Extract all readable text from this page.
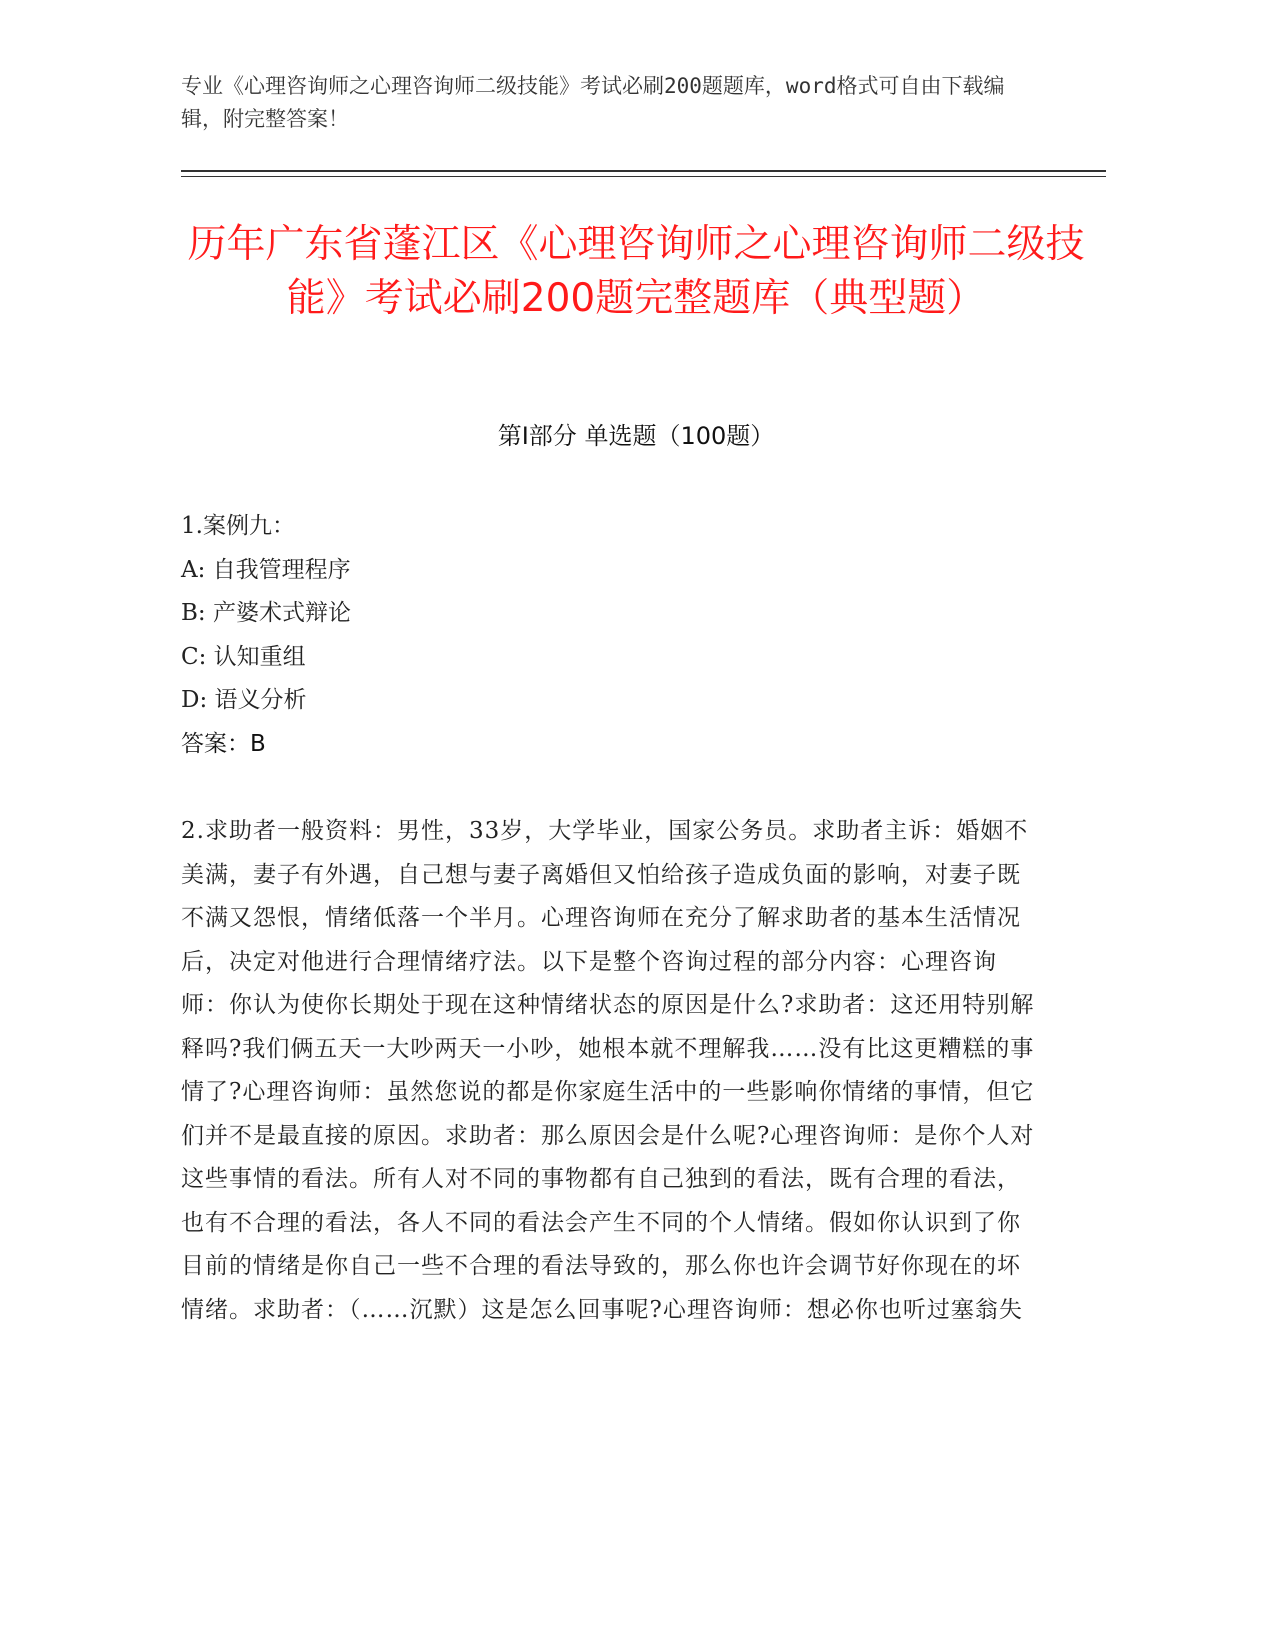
专业《心理咨询师之心理咨询师二级技能》考试必刷200题题库，word格式可自由下载编辑，附完整答案！
历年广东省蓬江区《心理咨询师之心理咨询师二级技能》考试必刷200题完整题库（典型题）
第I部分 单选题（100题）
1.案例九：
A: 自我管理程序
B: 产婆术式辩论
C: 认知重组
D: 语义分析
答案：B
2.求助者一般资料：男性，33岁，大学毕业，国家公务员。求助者主诉：婚姻不美满，妻子有外遇，自己想与妻子离婚但又怕给孩子造成负面的影响，对妻子既不满又怨恨，情绪低落一个半月。心理咨询师在充分了解求助者的基本生活情况后，决定对他进行合理情绪疗法。以下是整个咨询过程的部分内容：心理咨询师：你认为使你长期处于现在这种情绪状态的原因是什么?求助者：这还用特别解释吗?我们俩五天一大吵两天一小吵，她根本就不理解我……没有比这更糟糕的事情了?心理咨询师：虽然您说的都是你家庭生活中的一些影响你情绪的事情，但它们并不是最直接的原因。求助者：那么原因会是什么呢?心理咨询师：是你个人对这些事情的看法。所有人对不同的事物都有自己独到的看法，既有合理的看法，也有不合理的看法，各人不同的看法会产生不同的个人情绪。假如你认识到了你目前的情绪是你自己一些不合理的看法导致的，那么你也许会调节好你现在的坏情绪。求助者：（……沉默）这是怎么回事呢?心理咨询师：想必你也听过塞翁失
